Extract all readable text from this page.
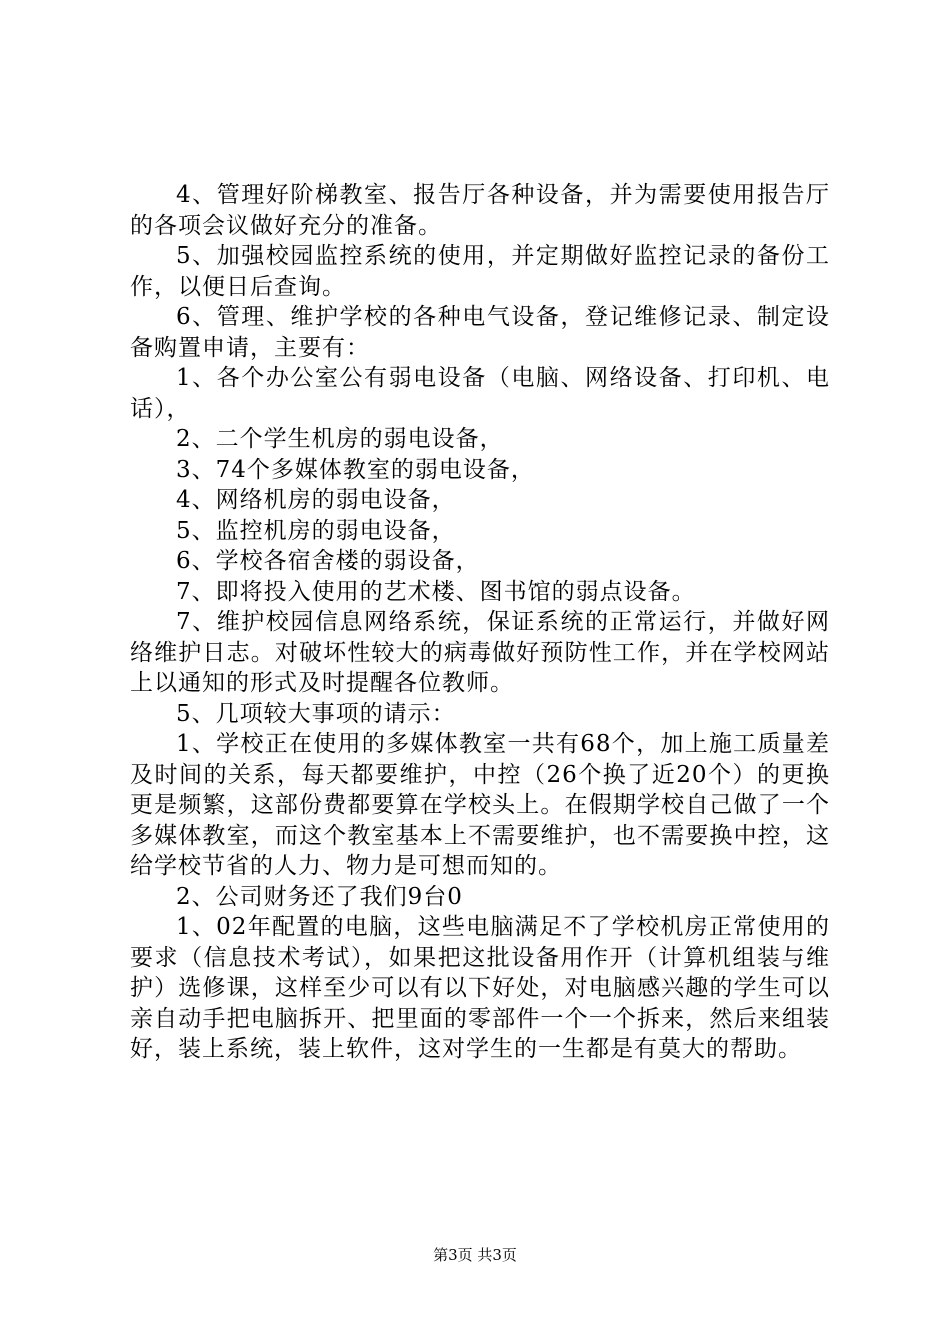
4、管理好阶梯教室、报告厅各种设备，并为需要使用报告厅的各项会议做好充分的准备。

5、加强校园监控系统的使用，并定期做好监控记录的备份工作，以便日后查询。

6、管理、维护学校的各种电气设备，登记维修记录、制定设备购置申请，主要有：

1、各个办公室公有弱电设备（电脑、网络设备、打印机、电话），

2、二个学生机房的弱电设备，

3、74个多媒体教室的弱电设备，

4、网络机房的弱电设备，

5、监控机房的弱电设备，

6、学校各宿舍楼的弱设备，

7、即将投入使用的艺术楼、图书馆的弱点设备。

7、维护校园信息网络系统，保证系统的正常运行，并做好网络维护日志。对破坏性较大的病毒做好预防性工作，并在学校网站上以通知的形式及时提醒各位教师。

5、几项较大事项的请示：

1、学校正在使用的多媒体教室一共有68个，加上施工质量差及时间的关系，每天都要维护，中控（26个换了近20个）的更换更是频繁，这部份费都要算在学校头上。在假期学校自己做了一个多媒体教室，而这个教室基本上不需要维护，也不需要换中控，这给学校节省的人力、物力是可想而知的。

2、公司财务还了我们9台0

1、02年配置的电脑，这些电脑满足不了学校机房正常使用的要求（信息技术考试），如果把这批设备用作开（计算机组装与维护）选修课，这样至少可以有以下好处，对电脑感兴趣的学生可以亲自动手把电脑拆开、把里面的零部件一个一个拆来，然后来组装好，装上系统，装上软件，这对学生的一生都是有莫大的帮助。

第3页 共3页
